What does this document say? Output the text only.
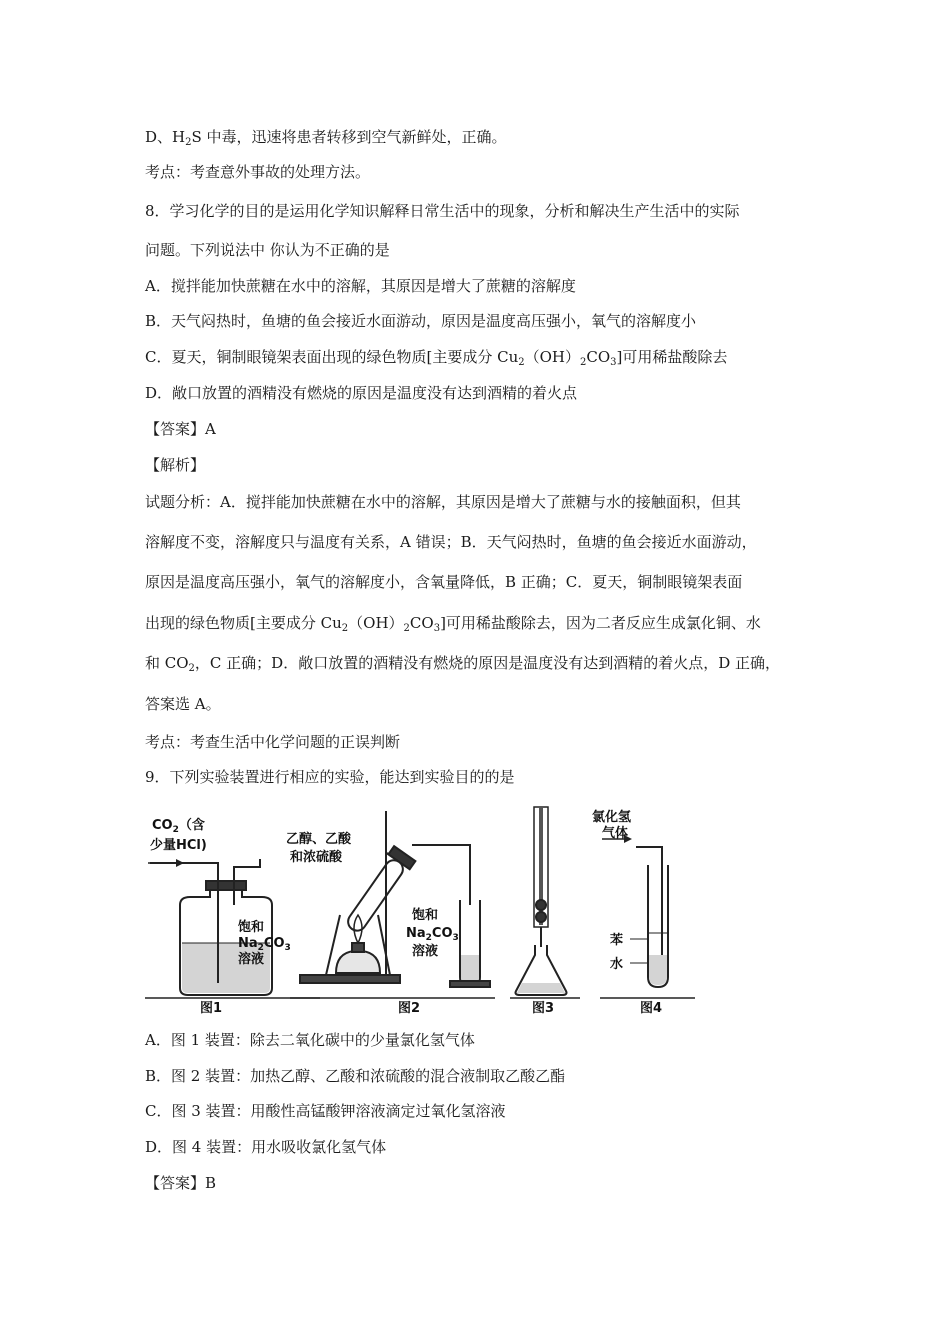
D、$H_2S$ 中毒，迅速将患者转移到空气新鲜处，正确。
考点：考查意外事故的处理方法。
8．学习化学的目的是运用化学知识解释日常生活中的现象，分析和解决生产生活中的实际
问题。下列说法中 你认为不正确的是
A．搅拌能加快蔗糖在水中的溶解，其原因是增大了蔗糖的溶解度
B．天气闷热时，鱼塘的鱼会接近水面游动，原因是温度高压强小，氧气的溶解度小
C．夏天，铜制眼镜架表面出现的绿色物质[主要成分 $Cu_2(OH)_2CO_3$]可用稀盐酸除去
D．敞口放置的酒精没有燃烧的原因是温度没有达到酒精的着火点
【答案】A
【解析】
试题分析：A．搅拌能加快蔗糖在水中的溶解，其原因是增大了蔗糖与水的接触面积，但其
溶解度不变，溶解度只与温度有关系，A 错误；B．天气闷热时，鱼塘的鱼会接近水面游动，
原因是温度高压强小，氧气的溶解度小，含氧量降低，B 正确；C．夏天，铜制眼镜架表面
出现的绿色物质[主要成分 $Cu_2(OH)_2CO_3$]可用稀盐酸除去，因为二者反应生成氯化铜、水
和 $CO_2$，C 正确；D．敞口放置的酒精没有燃烧的原因是温度没有达到酒精的着火点，D 正确，
答案选 A。
考点：考查生活中化学问题的正误判断
9．下列实验装置进行相应的实验，能达到实验目的的是
$CO_2$（含
少量HCl)
饱和
$Na_2CO_3$
溶液
图1
乙醇、乙酸
和浓硫酸
饱和
$Na_2CO_3$
溶液
图2	图3
氯化氢
气体
苯
水
图4
A．图 1 装置：除去二氧化碳中的少量氯化氢气体
B．图 2 装置：加热乙醇、乙酸和浓硫酸的混合液制取乙酸乙酯
C．图 3 装置：用酸性高锰酸钾溶液滴定过氧化氢溶液
D．图 4 装置：用水吸收氯化氢气体
【答案】B
